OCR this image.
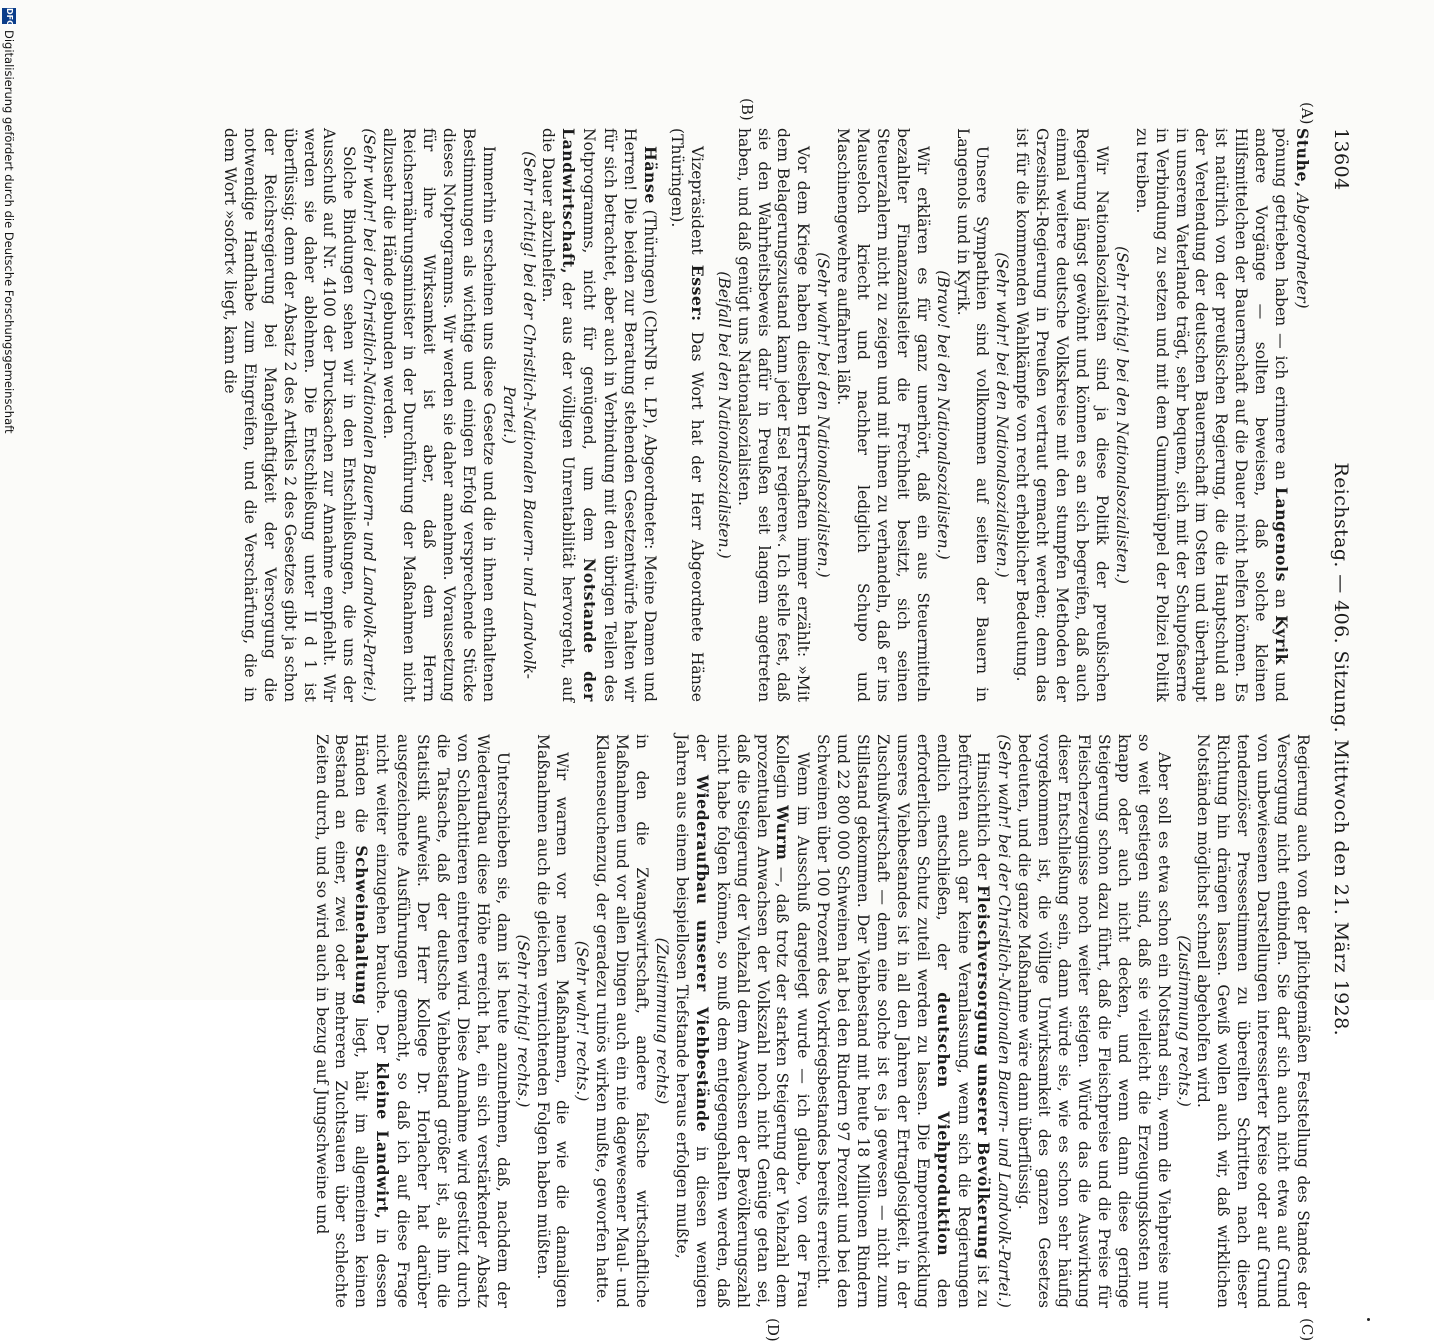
13604
Reichstag. — 406. Sitzung. Mittwoch den 21. März 1928.
(A)
(B)
(C)
(D)

Stuhe, Abgeordneter)

pönung getrieben haben — ich erinnere an Langenols an Kyrik und andere Vorgänge — sollten beweisen, daß solche kleinen Hilfsmittelchen der Bauernschaft auf die Dauer nicht helfen können. Es ist natürlich von der preußischen Regierung, die die Hauptschuld an der Verelendung der deutschen Bauernschaft im Osten und überhaupt in unserem Vaterlande trägt, sehr bequem, sich mit der Schupofaserne in Verbindung zu setzen und mit dem Gummiknüppel der Polizei Politik zu treiben.

(Sehr richtig! bei den Nationalsozialisten.)

Wir Nationalsozialisten sind ja diese Politik der preußischen Regierung längst gewöhnt und können es an sich begreifen, daß auch einmal weitere deutsche Volkskreise mit den stumpfen Methoden der Grzesinski-Regierung in Preußen vertraut gemacht werden; denn das ist für die kommenden Wahlkämpfe von recht erheblicher Bedeutung.

(Sehr wahr! bei den Nationalsozialisten.)

Unsere Sympathien sind vollkommen auf seiten der Bauern in Langenols und in Kyrik.

(Bravo! bei den Nationalsozialisten.)

Wir erklären es für ganz unerhört, daß ein aus Steuermitteln bezahlter Finanzamtsleiter die Frechheit besitzt, sich seinen Steuerzahlern nicht zu zeigen und mit ihnen zu verhandeln, daß er ins Mauseloch kriecht und nachher lediglich Schupo und Maschinengewehre auffahren läßt.

(Sehr wahr! bei den Nationalsozialisten.)

Vor dem Kriege haben dieselben Herrschaften immer erzählt: »Mit dem Belagerungszustand kann jeder Esel regieren«. Ich stelle fest, daß sie den Wahrheitsbeweis dafür in Preußen seit langem angetreten haben, und daß genügt uns Nationalsozialisten.

(Beifall bei den Nationalsozialisten.)

Vizepräsident Esser: Das Wort hat der Herr Abgeordnete Hänse (Thüringen).

Hänse (Thüringen) (ChrNB u. LP), Abgeordneter: Meine Damen und Herren! Die beiden zur Beratung stehenden Gesetzentwürfe halten wir für sich betrachtet, aber auch in Verbindung mit den übrigen Teilen des Notprogramms, nicht für genügend, um dem Notstande der Landwirtschaft, der aus der völligen Unrentabilität hervorgeht, auf die Dauer abzuhelfen.

(Sehr richtig! bei der Christlich-Nationalen Bauern- und Landvolk-Partei.)

Immerhin erscheinen uns diese Gesetze und die in ihnen enthaltenen Bestimmungen als wichtige und einigen Erfolg versprechende Stücke dieses Notprogramms. Wir werden sie daher annehmen. Voraussetzung für ihre Wirksamkeit ist aber, daß dem Herrn Reichsernährungsminister in der Durchführung der Maßnahmen nicht allzusehr die Hände gebunden werden.

(Sehr wahr! bei der Christlich-Nationalen Bauern- und Landvolk-Partei.)

Solche Bindungen sehen wir in den Entschließungen, die uns der Ausschuß auf Nr. 4100 der Drucksachen zur Annahme empfiehlt. Wir werden sie daher ablehnen. Die Entschließung unter II d 1 ist überflüssig; denn der Absatz 2 des Artikels 2 des Gesetzes gibt ja schon der Reichsregierung bei Mangelhaftigkeit der Versorgung die notwendige Handhabe zum Eingreifen, und die Verschärfung, die in dem Wort »sofort« liegt, kann die

Regierung auch von der pflichtgemäßen Feststellung des Standes der Versorgung nicht entbinden. Sie darf sich auch nicht etwa auf Grund von unbewiesenen Darstellungen interessierter Kreise oder auf Grund tendenziöser Pressestimmen zu übereilten Schritten nach dieser Richtung hin drängen lassen. Gewiß wollen auch wir, daß wirklichen Notständen möglichst schnell abgeholfen wird.

(Zustimmung rechts.)

Aber soll es etwa schon ein Notstand sein, wenn die Viehpreise nur so weit gestiegen sind, daß sie vielleicht die Erzeugungskosten nur knapp oder auch nicht decken, und wenn dann diese geringe Steigerung schon dazu führt, daß die Fleischpreise und die Preise für Fleischerzeugnisse noch weiter steigen. Würde das die Auswirkung dieser Entschließung sein, dann würde sie, wie es schon sehr häufig vorgekommen ist, die völlige Unwirksamkeit des ganzen Gesetzes bedeuten, und die ganze Maßnahme wäre dann überflüssig.

(Sehr wahr! bei der Christlich-Nationalen Bauern- und Landvolk-Partei.)

Hinsichtlich der Fleischversorgung unserer Bevölkerung ist zu befürchten auch gar keine Veranlassung, wenn sich die Regierungen endlich entschließen, der deutschen Viehproduktion den erforderlichen Schutz zuteil werden zu lassen. Die Emporentwicklung unseres Viehbestandes ist in all den Jahren der Ertraglosigkeit, in der Zuschußwirtschaft — denn eine solche ist es ja gewesen — nicht zum Stillstand gekommen. Der Viehbestand mit heute 18 Millionen Rindern und 22 800 000 Schweinen hat bei den Rindern 97 Prozent und bei den Schweinen über 100 Prozent des Vorkriegsbestandes bereits erreicht.

Wenn im Ausschuß dargelegt wurde — ich glaube, von der Frau Kollegin Wurm —, daß trotz der starken Steigerung der Viehzahl dem prozentualen Anwachsen der Volkszahl noch nicht Genüge getan sei, daß die Steigerung der Viehzahl dem Anwachsen der Bevölkerungszahl nicht habe folgen können, so muß dem entgegengehalten werden, daß der Wiederaufbau unserer Viehbestände in diesen wenigen Jahren aus einem beispiellosen Tiefstande heraus erfolgen mußte,

(Zustimmung rechts)

in den die Zwangswirtschaft, andere falsche wirtschaftliche Maßnahmen und vor allen Dingen auch ein nie dagewesener Maul- und Klauenseuchenzug, der geradezu ruinös wirken mußte, geworfen hatte.

(Sehr wahr! rechts.)

Wir warnen vor neuen Maßnahmen, die wie die damaligen Maßnahmen auch die gleichen vernichtenden Folgen haben müßten.

(Sehr richtig! rechts.)

Unterschieben sie, dann ist heute anzunehmen, daß, nachdem der Wiederaufbau diese Höhe erreicht hat, ein sich verstärkender Absatz von Schlachttieren eintreten wird. Diese Annahme wird gestützt durch die Tatsache, daß der deutsche Viehbestand größer ist, als ihn die Statistik aufweist. Der Herr Kollege Dr. Horlacher hat darüber ausgezeichnete Ausführungen gemacht, so daß ich auf diese Frage nicht weiter einzugehen brauche. Der kleine Landwirt, in dessen Händen die Schweinehaltung liegt, hält im allgemeinen keinen Bestand an einer, zwei oder mehreren Zuchtsauen über schlechte Zeiten durch, und so wird auch in bezug auf Jungschweine und

DFG
Digitalisierung gefördert durch die Deutsche Forschungsgemeinschaft
